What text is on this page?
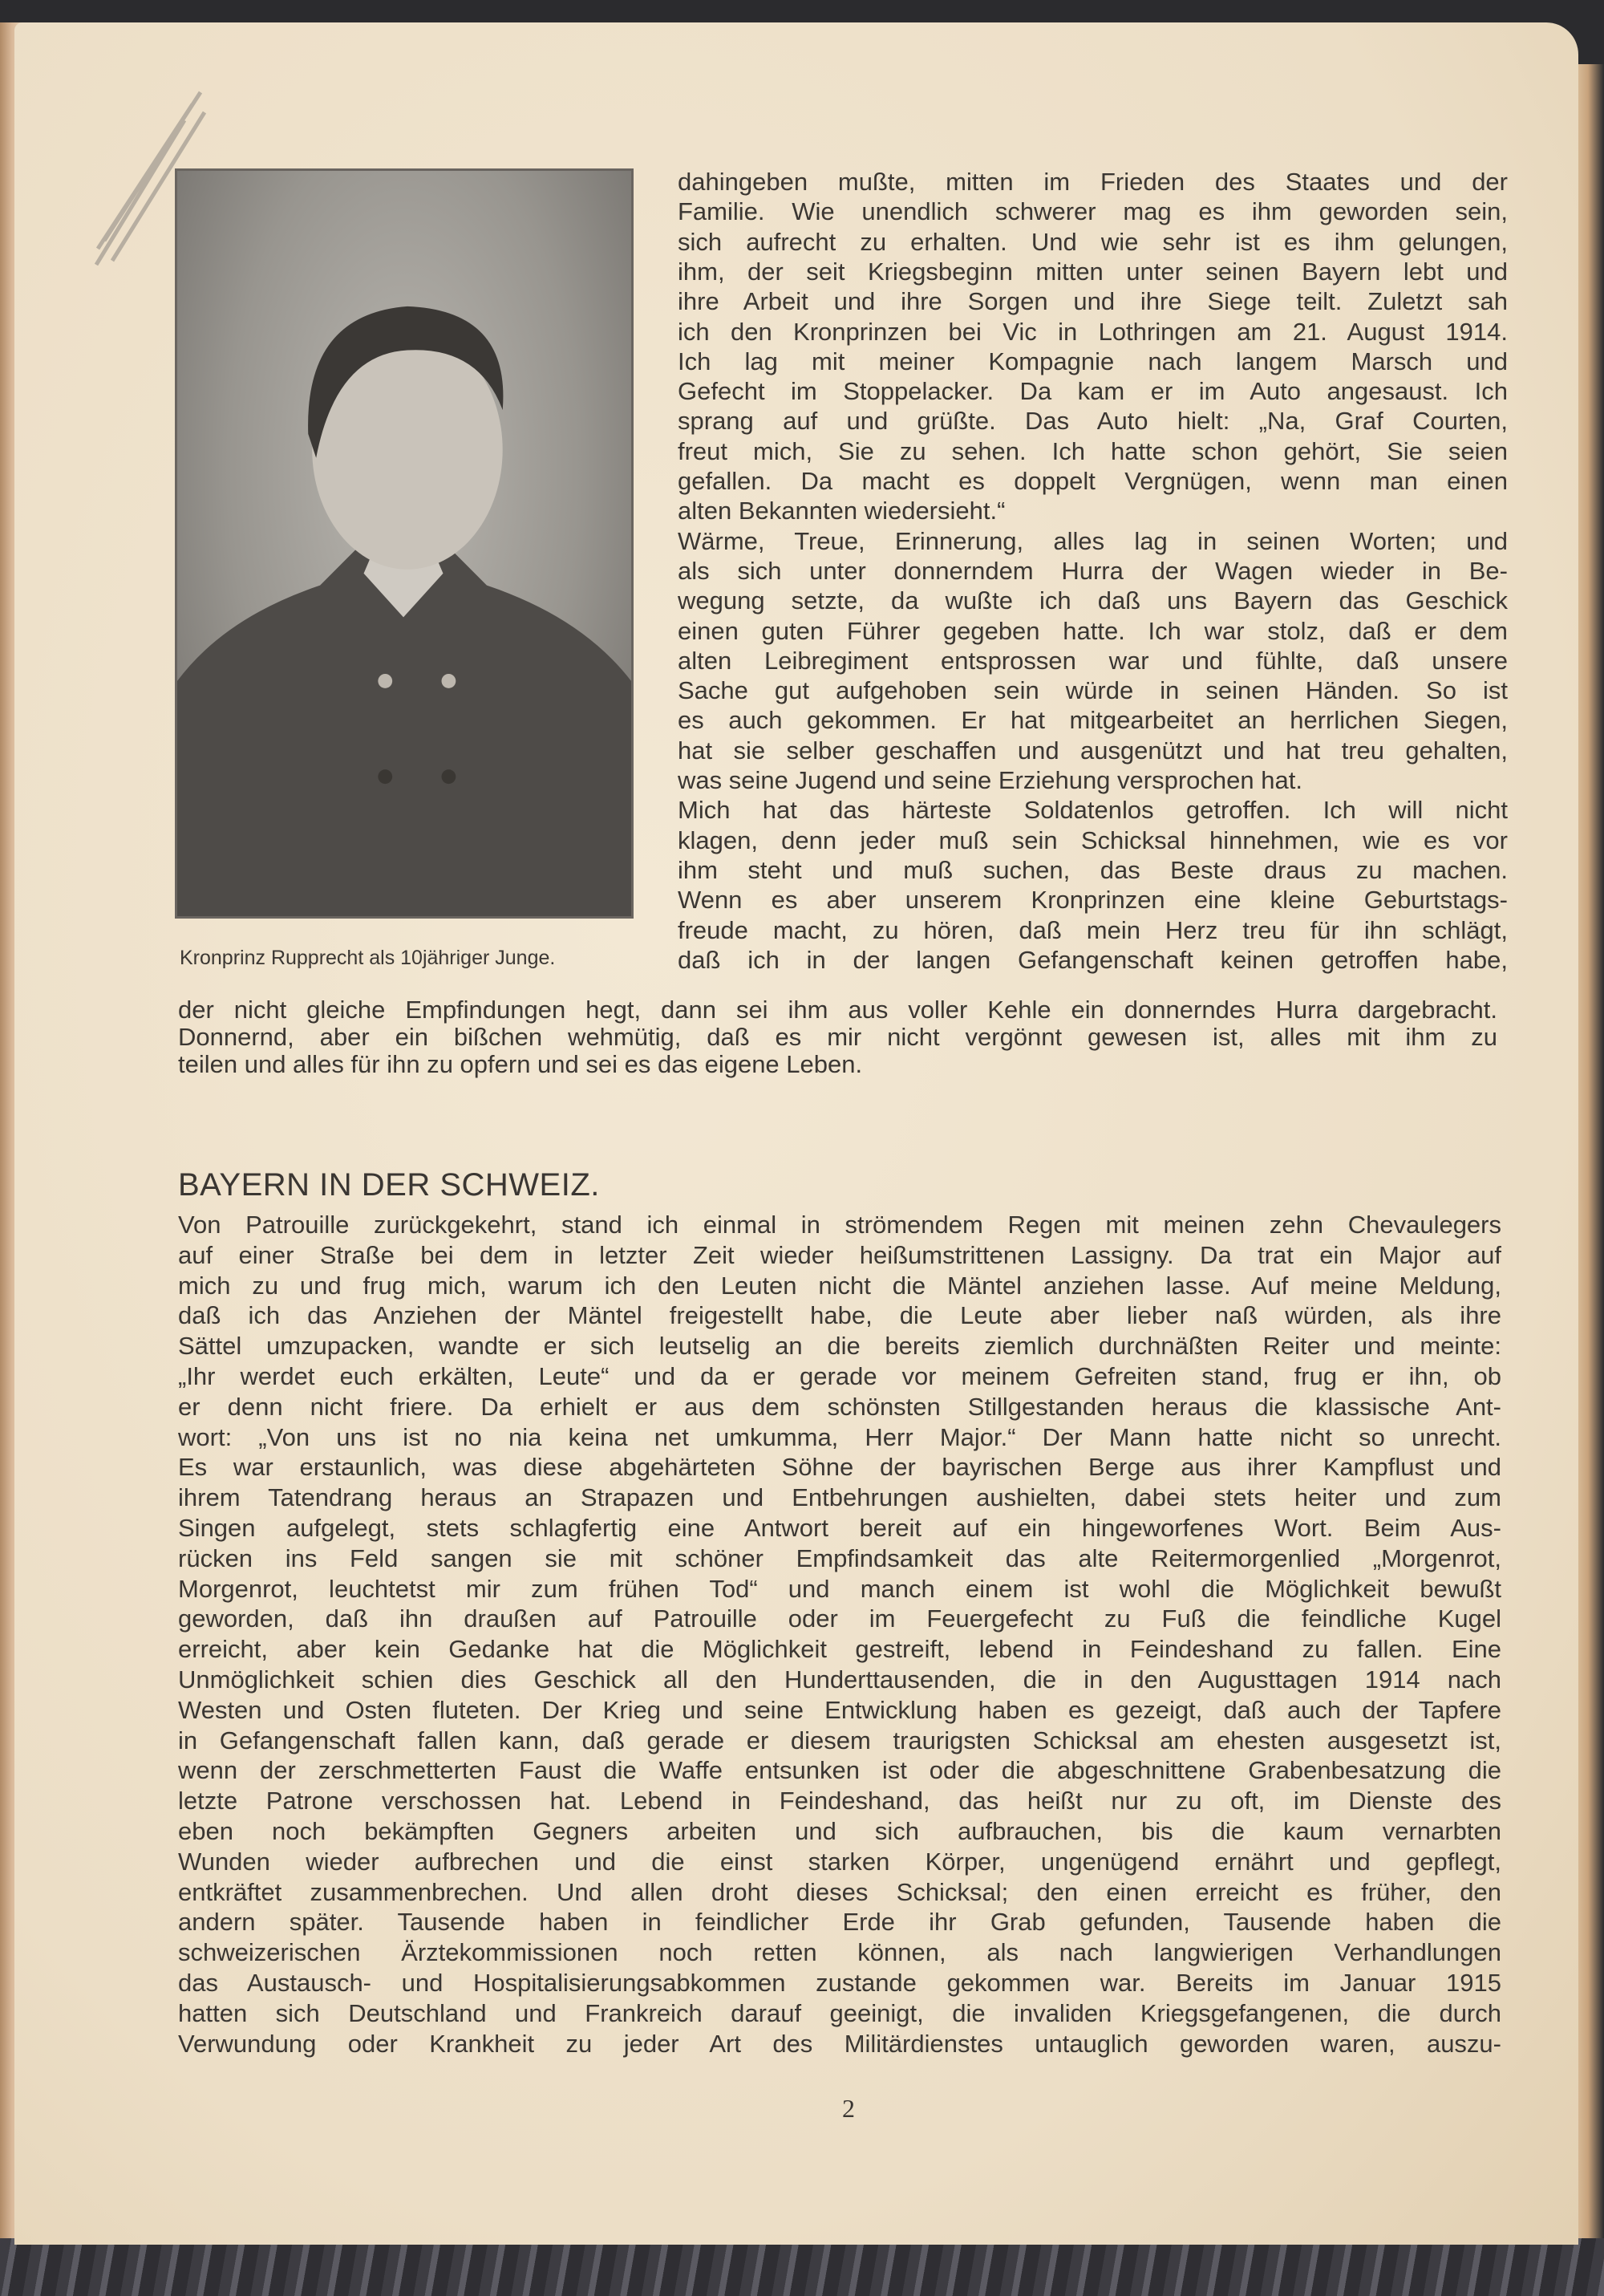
Kronprinz Rupprecht als 10jähriger Junge.
dahingeben mußte, mitten im Frieden des Staates und der
Familie. Wie unendlich schwerer mag es ihm geworden sein,
sich aufrecht zu erhalten. Und wie sehr ist es ihm gelungen,
ihm, der seit Kriegsbeginn mitten unter seinen Bayern lebt und
ihre Arbeit und ihre Sorgen und ihre Siege teilt. Zuletzt sah
ich den Kronprinzen bei Vic in Lothringen am 21. August 1914.
Ich lag mit meiner Kompagnie nach langem Marsch und
Gefecht im Stoppelacker. Da kam er im Auto angesaust. Ich
sprang auf und grüßte. Das Auto hielt: „Na, Graf Courten,
freut mich, Sie zu sehen. Ich hatte schon gehört, Sie seien
gefallen. Da macht es doppelt Vergnügen, wenn man einen
alten Bekannten wiedersieht.“
Wärme, Treue, Erinnerung, alles lag in seinen Worten; und
als sich unter donnerndem Hurra der Wagen wieder in Be-
wegung setzte, da wußte ich daß uns Bayern das Geschick
einen guten Führer gegeben hatte. Ich war stolz, daß er dem
alten Leibregiment entsprossen war und fühlte, daß unsere
Sache gut aufgehoben sein würde in seinen Händen. So ist
es auch gekommen. Er hat mitgearbeitet an herrlichen Siegen,
hat sie selber geschaffen und ausgenützt und hat treu gehalten,
was seine Jugend und seine Erziehung versprochen hat.
Mich hat das härteste Soldatenlos getroffen. Ich will nicht
klagen, denn jeder muß sein Schicksal hinnehmen, wie es vor
ihm steht und muß suchen, das Beste draus zu machen.
Wenn es aber unserem Kronprinzen eine kleine Geburtstags-
freude macht, zu hören, daß mein Herz treu für ihn schlägt,
daß ich in der langen Gefangenschaft keinen getroffen habe,
der nicht gleiche Empfindungen hegt, dann sei ihm aus voller Kehle ein donnerndes Hurra dargebracht.
Donnernd, aber ein bißchen wehmütig, daß es mir nicht vergönnt gewesen ist, alles mit ihm zu
teilen und alles für ihn zu opfern und sei es das eigene Leben.
BAYERN IN DER SCHWEIZ.
Von Patrouille zurückgekehrt, stand ich einmal in strömendem Regen mit meinen zehn Chevaulegers
auf einer Straße bei dem in letzter Zeit wieder heißumstrittenen Lassigny. Da trat ein Major auf
mich zu und frug mich, warum ich den Leuten nicht die Mäntel anziehen lasse. Auf meine Meldung,
daß ich das Anziehen der Mäntel freigestellt habe, die Leute aber lieber naß würden, als ihre
Sättel umzupacken, wandte er sich leutselig an die bereits ziemlich durchnäßten Reiter und meinte:
„Ihr werdet euch erkälten, Leute“ und da er gerade vor meinem Gefreiten stand, frug er ihn, ob
er denn nicht friere. Da erhielt er aus dem schönsten Stillgestanden heraus die klassische Ant-
wort: „Von uns ist no nia keina net umkumma, Herr Major.“ Der Mann hatte nicht so unrecht.
Es war erstaunlich, was diese abgehärteten Söhne der bayrischen Berge aus ihrer Kampflust und
ihrem Tatendrang heraus an Strapazen und Entbehrungen aushielten, dabei stets heiter und zum
Singen aufgelegt, stets schlagfertig eine Antwort bereit auf ein hingeworfenes Wort. Beim Aus-
rücken ins Feld sangen sie mit schöner Empfindsamkeit das alte Reitermorgenlied „Morgenrot,
Morgenrot, leuchtetst mir zum frühen Tod“ und manch einem ist wohl die Möglichkeit bewußt
geworden, daß ihn draußen auf Patrouille oder im Feuergefecht zu Fuß die feindliche Kugel
erreicht, aber kein Gedanke hat die Möglichkeit gestreift, lebend in Feindeshand zu fallen. Eine
Unmöglichkeit schien dies Geschick all den Hunderttausenden, die in den Augusttagen 1914 nach
Westen und Osten fluteten. Der Krieg und seine Entwicklung haben es gezeigt, daß auch der Tapfere
in Gefangenschaft fallen kann, daß gerade er diesem traurigsten Schicksal am ehesten ausgesetzt ist,
wenn der zerschmetterten Faust die Waffe entsunken ist oder die abgeschnittene Grabenbesatzung die
letzte Patrone verschossen hat. Lebend in Feindeshand, das heißt nur zu oft, im Dienste des
eben noch bekämpften Gegners arbeiten und sich aufbrauchen, bis die kaum vernarbten
Wunden wieder aufbrechen und die einst starken Körper, ungenügend ernährt und gepflegt,
entkräftet zusammenbrechen. Und allen droht dieses Schicksal; den einen erreicht es früher, den
andern später. Tausende haben in feindlicher Erde ihr Grab gefunden, Tausende haben die
schweizerischen Ärztekommissionen noch retten können, als nach langwierigen Verhandlungen
das Austausch- und Hospitalisierungsabkommen zustande gekommen war. Bereits im Januar 1915
hatten sich Deutschland und Frankreich darauf geeinigt, die invaliden Kriegsgefangenen, die durch
Verwundung oder Krankheit zu jeder Art des Militärdienstes untauglich geworden waren, auszu-
2
